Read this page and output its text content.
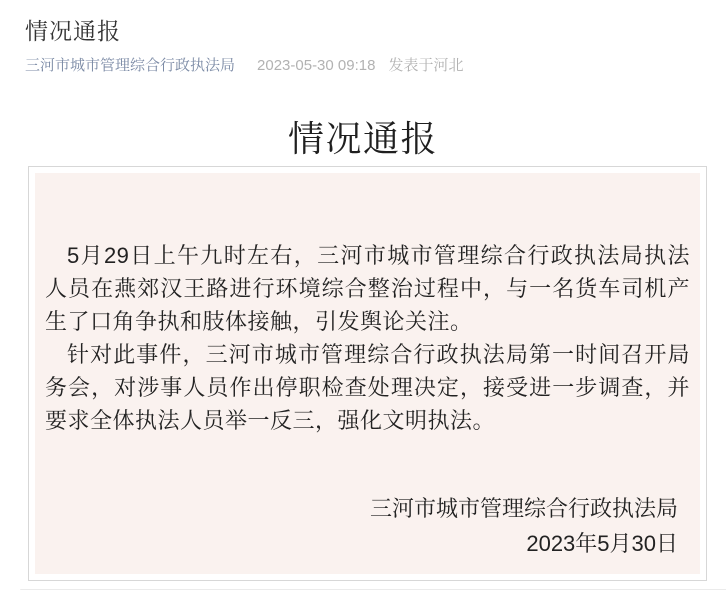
情况通报
三河市城市管理综合行政执法局 2023-05-30 09:18 发表于河北
情况通报

5月29日上午九时左右，三河市城市管理综合行政执法局执法人员在燕郊汉王路进行环境综合整治过程中，与一名货车司机产生了口角争执和肢体接触，引发舆论关注。

针对此事件，三河市城市管理综合行政执法局第一时间召开局务会，对涉事人员作出停职检查处理决定，接受进一步调查，并要求全体执法人员举一反三，强化文明执法。

三河市城市管理综合行政执法局

2023年5月30日
